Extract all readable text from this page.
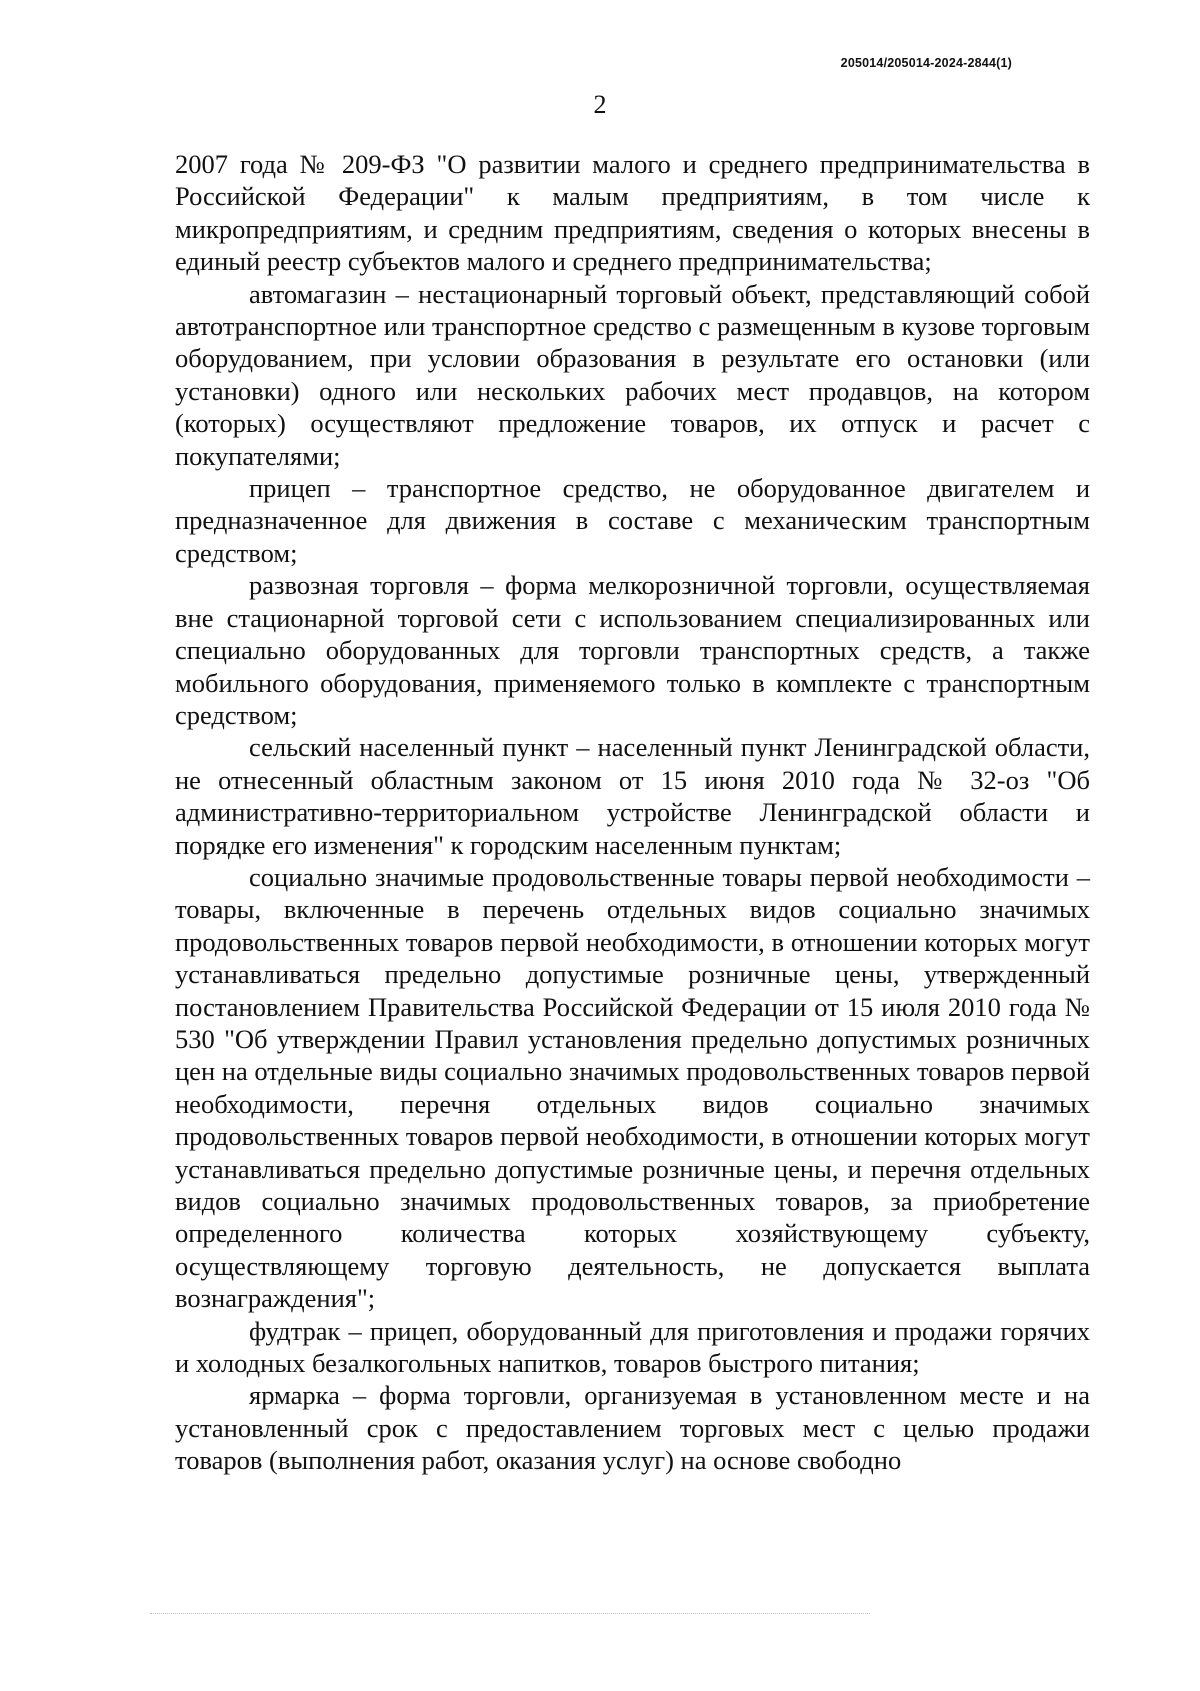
205014/205014-2024-2844(1)
2

2007 года № 209-ФЗ "О развитии малого и среднего предпринимательства в Российской Федерации" к малым предприятиям, в том числе к микропредприятиям, и средним предприятиям, сведения о которых внесены в единый реестр субъектов малого и среднего предпринимательства;

автомагазин – нестационарный торговый объект, представляющий собой автотранспортное или транспортное средство с размещенным в кузове торговым оборудованием, при условии образования в результате его остановки (или установки) одного или нескольких рабочих мест продавцов, на котором (которых) осуществляют предложение товаров, их отпуск и расчет с покупателями;

прицеп – транспортное средство, не оборудованное двигателем и предназначенное для движения в составе с механическим транспортным средством;

развозная торговля – форма мелкорозничной торговли, осуществляемая вне стационарной торговой сети с использованием специализированных или специально оборудованных для торговли транспортных средств, а также мобильного оборудования, применяемого только в комплекте с транспортным средством;

сельский населенный пункт – населенный пункт Ленинградской области, не отнесенный областным законом от 15 июня 2010 года № 32-оз "Об административно-территориальном устройстве Ленинградской области и порядке его изменения" к городским населенным пунктам;

социально значимые продовольственные товары первой необходимости – товары, включенные в перечень отдельных видов социально значимых продовольственных товаров первой необходимости, в отношении которых могут устанавливаться предельно допустимые розничные цены, утвержденный постановлением Правительства Российской Федерации от 15 июля 2010 года № 530 "Об утверждении Правил установления предельно допустимых розничных цен на отдельные виды социально значимых продовольственных товаров первой необходимости, перечня отдельных видов социально значимых продовольственных товаров первой необходимости, в отношении которых могут устанавливаться предельно допустимые розничные цены, и перечня отдельных видов социально значимых продовольственных товаров, за приобретение определенного количества которых хозяйствующему субъекту, осуществляющему торговую деятельность, не допускается выплата вознаграждения";

фудтрак – прицеп, оборудованный для приготовления и продажи горячих и холодных безалкогольных напитков, товаров быстрого питания;

ярмарка – форма торговли, организуемая в установленном месте и на установленный срок с предоставлением торговых мест с целью продажи товаров (выполнения работ, оказания услуг) на основе свободно
